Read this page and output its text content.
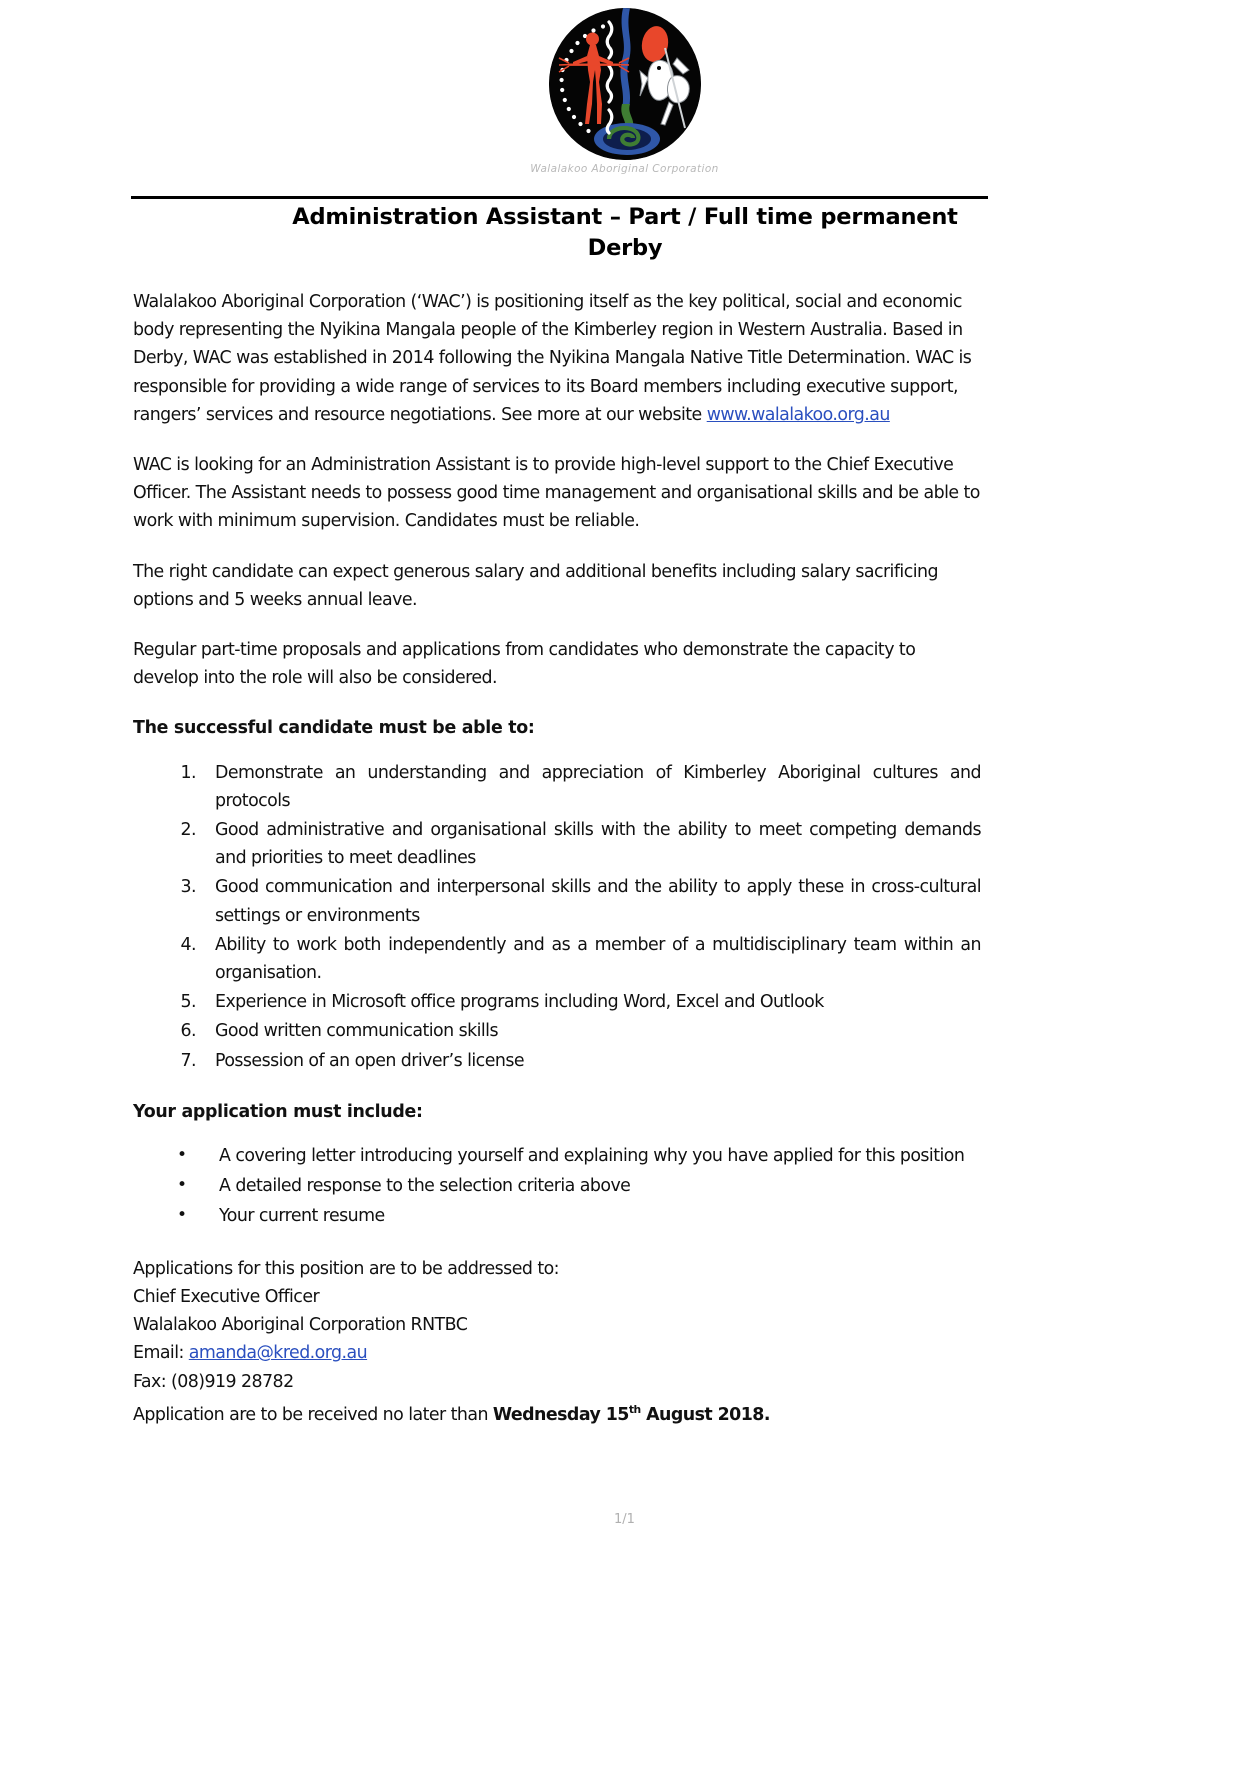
Walalakoo Aboriginal Corporation
Administration Assistant – Part / Full time permanent
Derby

Walalakoo Aboriginal Corporation (‘WAC’) is positioning itself as the key political, social and economic body representing the Nyikina Mangala people of the Kimberley region in Western Australia. Based in Derby, WAC was established in 2014 following the Nyikina Mangala Native Title Determination. WAC is responsible for providing a wide range of services to its Board members including executive support, rangers’ services and resource negotiations. See more at our website www.walalakoo.org.au

WAC is looking for an Administration Assistant is to provide high-level support to the Chief Executive Officer. The Assistant needs to possess good time management and organisational skills and be able to work with minimum supervision. Candidates must be reliable.

The right candidate can expect generous salary and additional benefits including salary sacrificing options and 5 weeks annual leave.

Regular part-time proposals and applications from candidates who demonstrate the capacity to develop into the role will also be considered.

The successful candidate must be able to:

1. Demonstrate an understanding and appreciation of Kimberley Aboriginal cultures and protocols
2. Good administrative and organisational skills with the ability to meet competing demands and priorities to meet deadlines
3. Good communication and interpersonal skills and the ability to apply these in cross-cultural settings or environments
4. Ability to work both independently and as a member of a multidisciplinary team within an organisation.
5. Experience in Microsoft office programs including Word, Excel and Outlook
6. Good written communication skills
7. Possession of an open driver’s license

Your application must include:

• A covering letter introducing yourself and explaining why you have applied for this position
• A detailed response to the selection criteria above
• Your current resume

Applications for this position are to be addressed to:

Chief Executive Officer

Walalakoo Aboriginal Corporation RNTBC

Email: amanda@kred.org.au

Fax: (08)919 28782

Application are to be received no later than Wednesday 15th August 2018.

1/1
